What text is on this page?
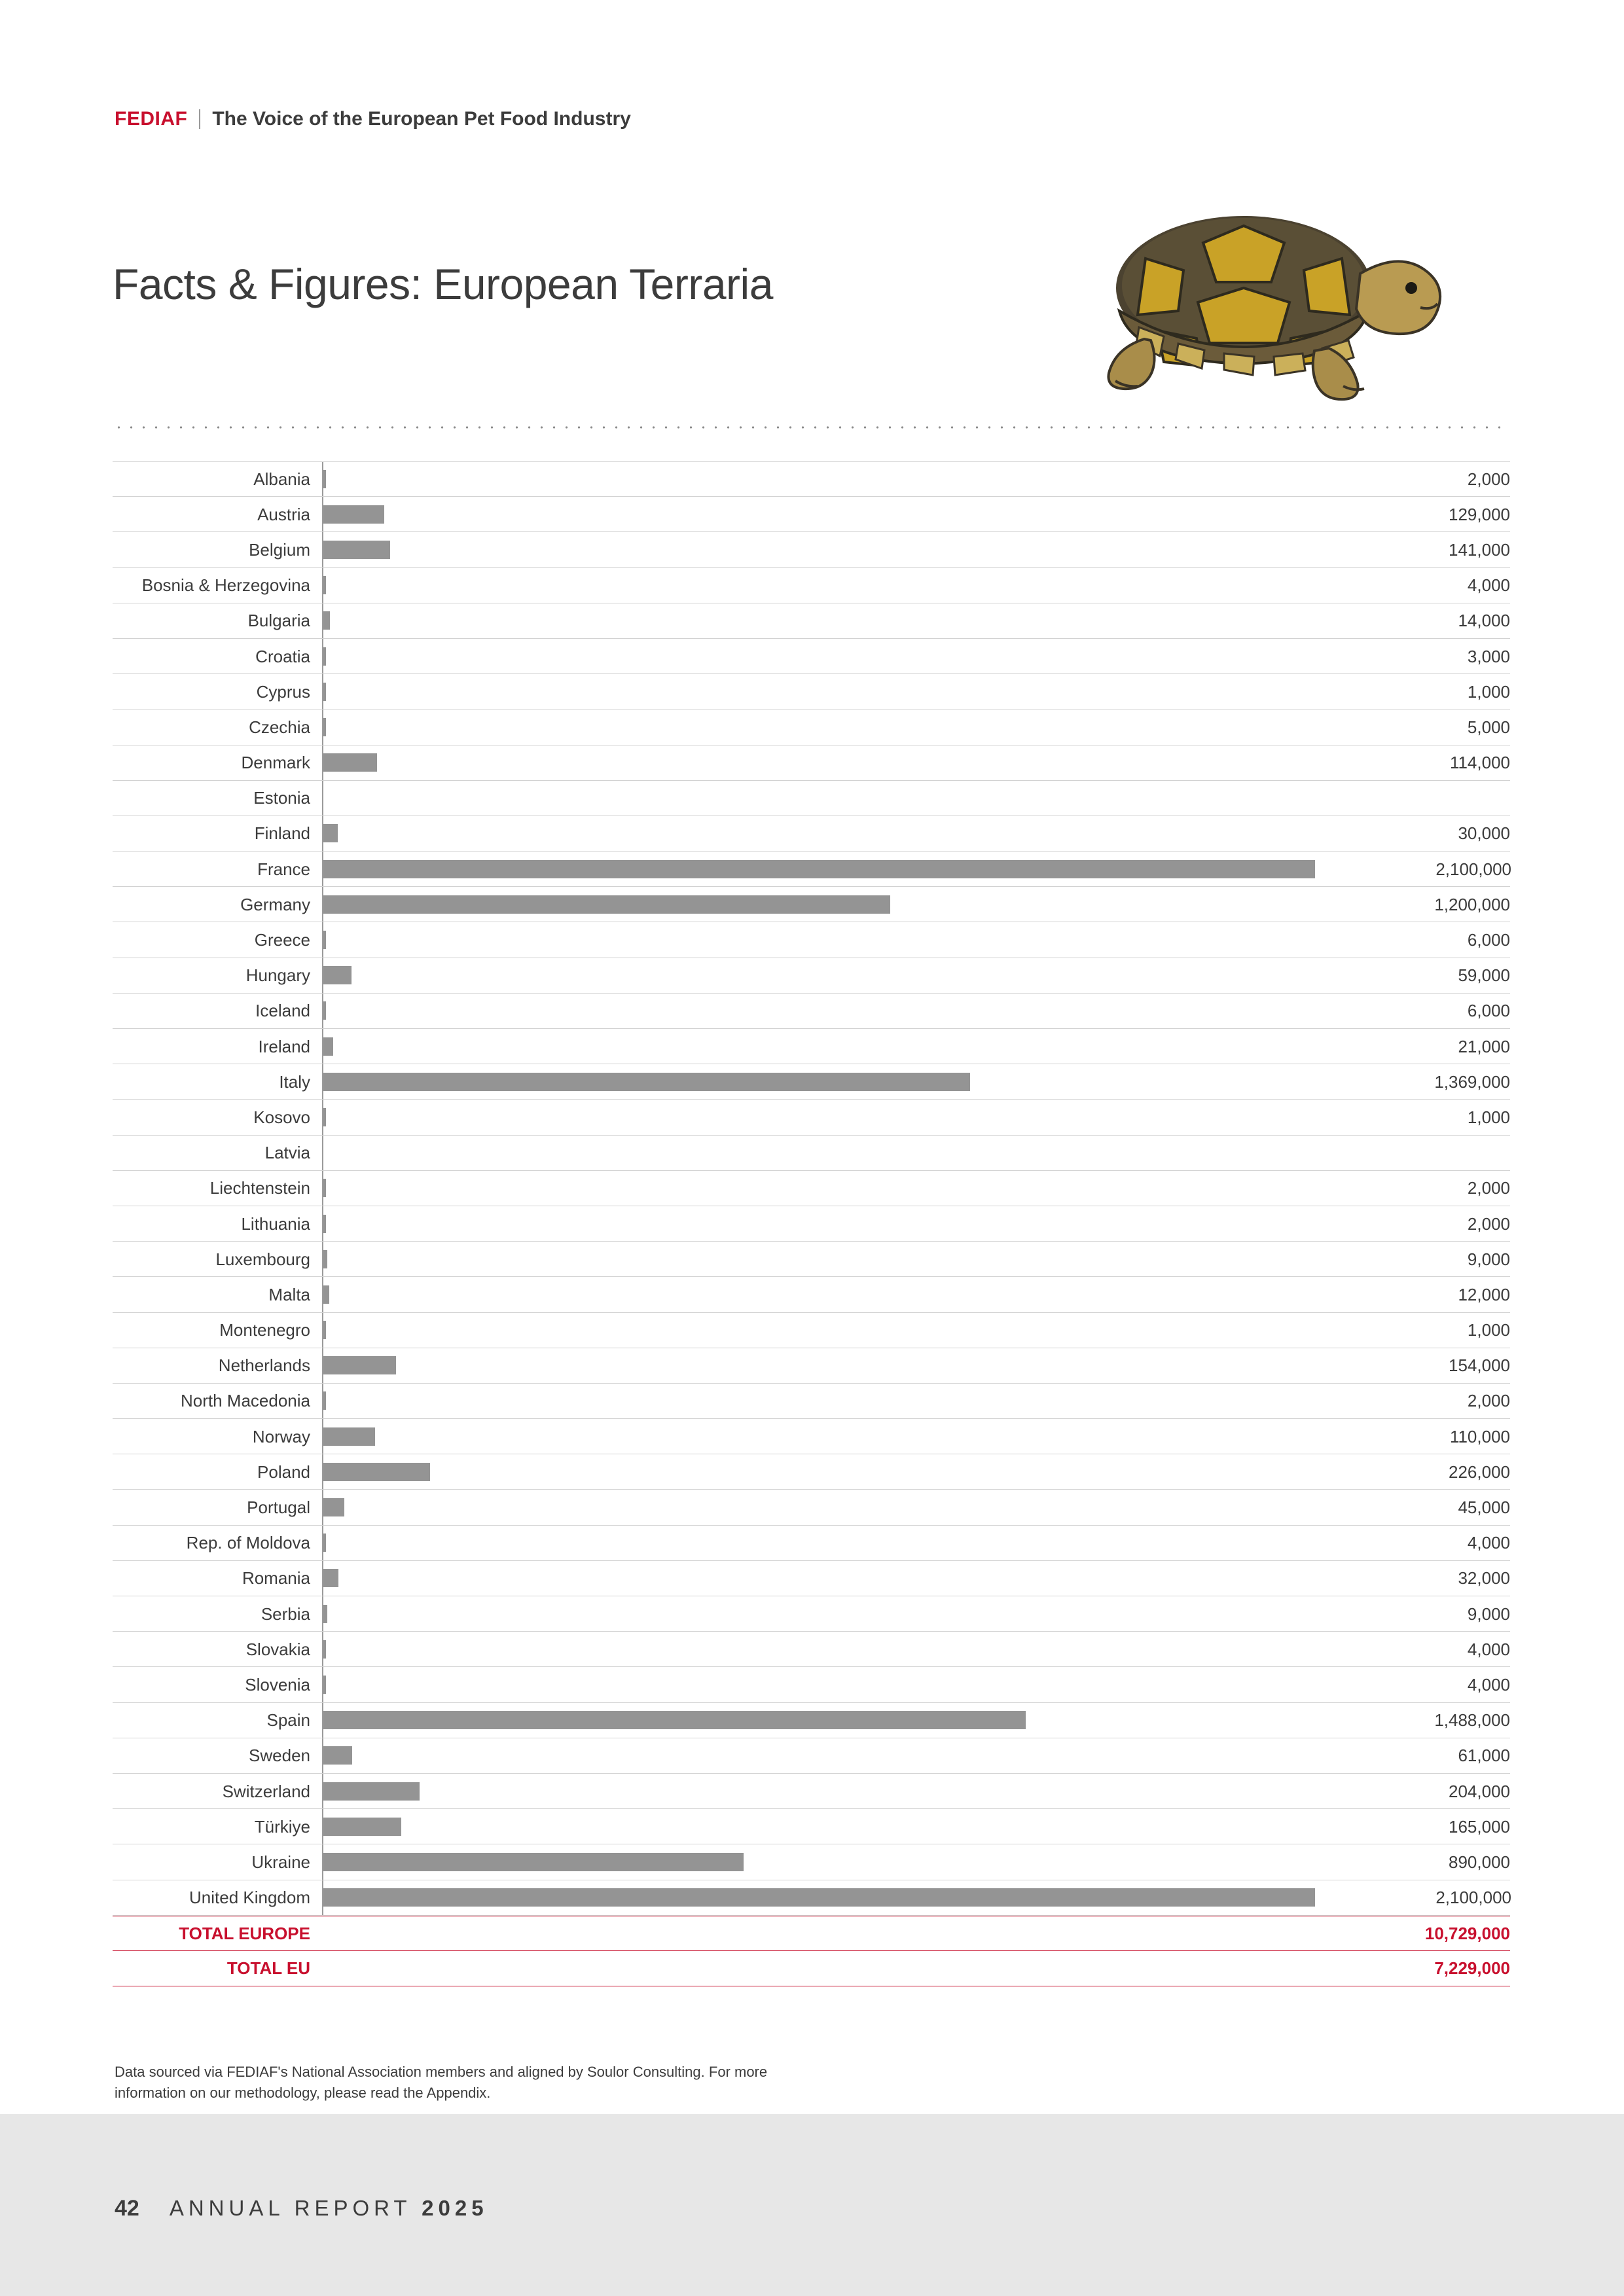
FEDIAF The Voice of the European Pet Food Industry
Facts & Figures: European Terraria
Albania	2,000
Austria	129,000
Belgium	141,000
Bosnia & Herzegovina	4,000
Bulgaria	14,000
Croatia	3,000
Cyprus	1,000
Czechia	5,000
Denmark	114,000
Estonia
Finland	30,000
France	2,100,000
Germany	1,200,000
Greece	6,000
Hungary	59,000
Iceland	6,000
Ireland	21,000
Italy	1,369,000
Kosovo	1,000
Latvia
Liechtenstein	2,000
Lithuania	2,000
Luxembourg	9,000
Malta	12,000
Montenegro	1,000
Netherlands	154,000
North Macedonia	2,000
Norway	110,000
Poland	226,000
Portugal	45,000
Rep. of Moldova	4,000
Romania	32,000
Serbia	9,000
Slovakia	4,000
Slovenia	4,000
Spain	1,488,000
Sweden	61,000
Switzerland	204,000
Türkiye	165,000
Ukraine	890,000
United Kingdom	2,100,000
TOTAL EUROPE	10,729,000
TOTAL EU	7,229,000
Data sourced via FEDIAF's National Association members and aligned by Soulor Consulting. For more information on our methodology, please read the Appendix.
42 ANNUAL REPORT 2025
